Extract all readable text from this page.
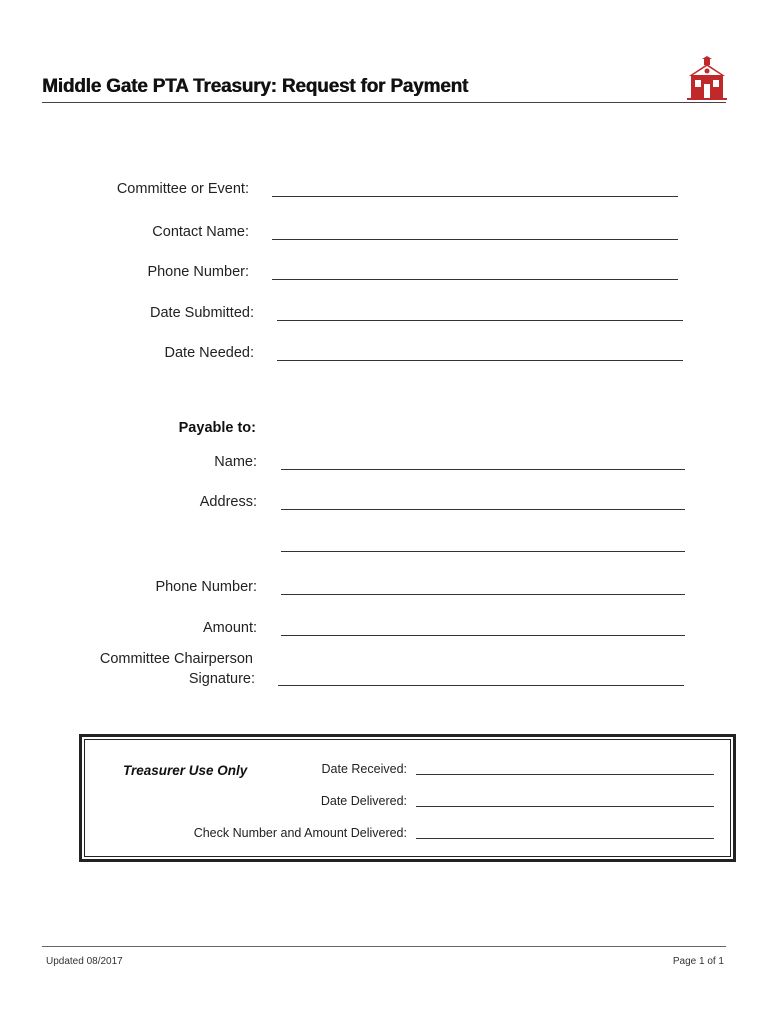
Middle Gate PTA Treasury: Request for Payment
Committee or Event:
Contact Name:
Phone Number:
Date Submitted:
Date Needed:
Payable to:
Name:
Address:
Phone Number:
Amount:
Committee Chairperson
Signature:
Treasurer Use Only	Date Received:
Date Delivered:
Check Number and Amount Delivered:
Updated 08/2017	Page 1 of 1
